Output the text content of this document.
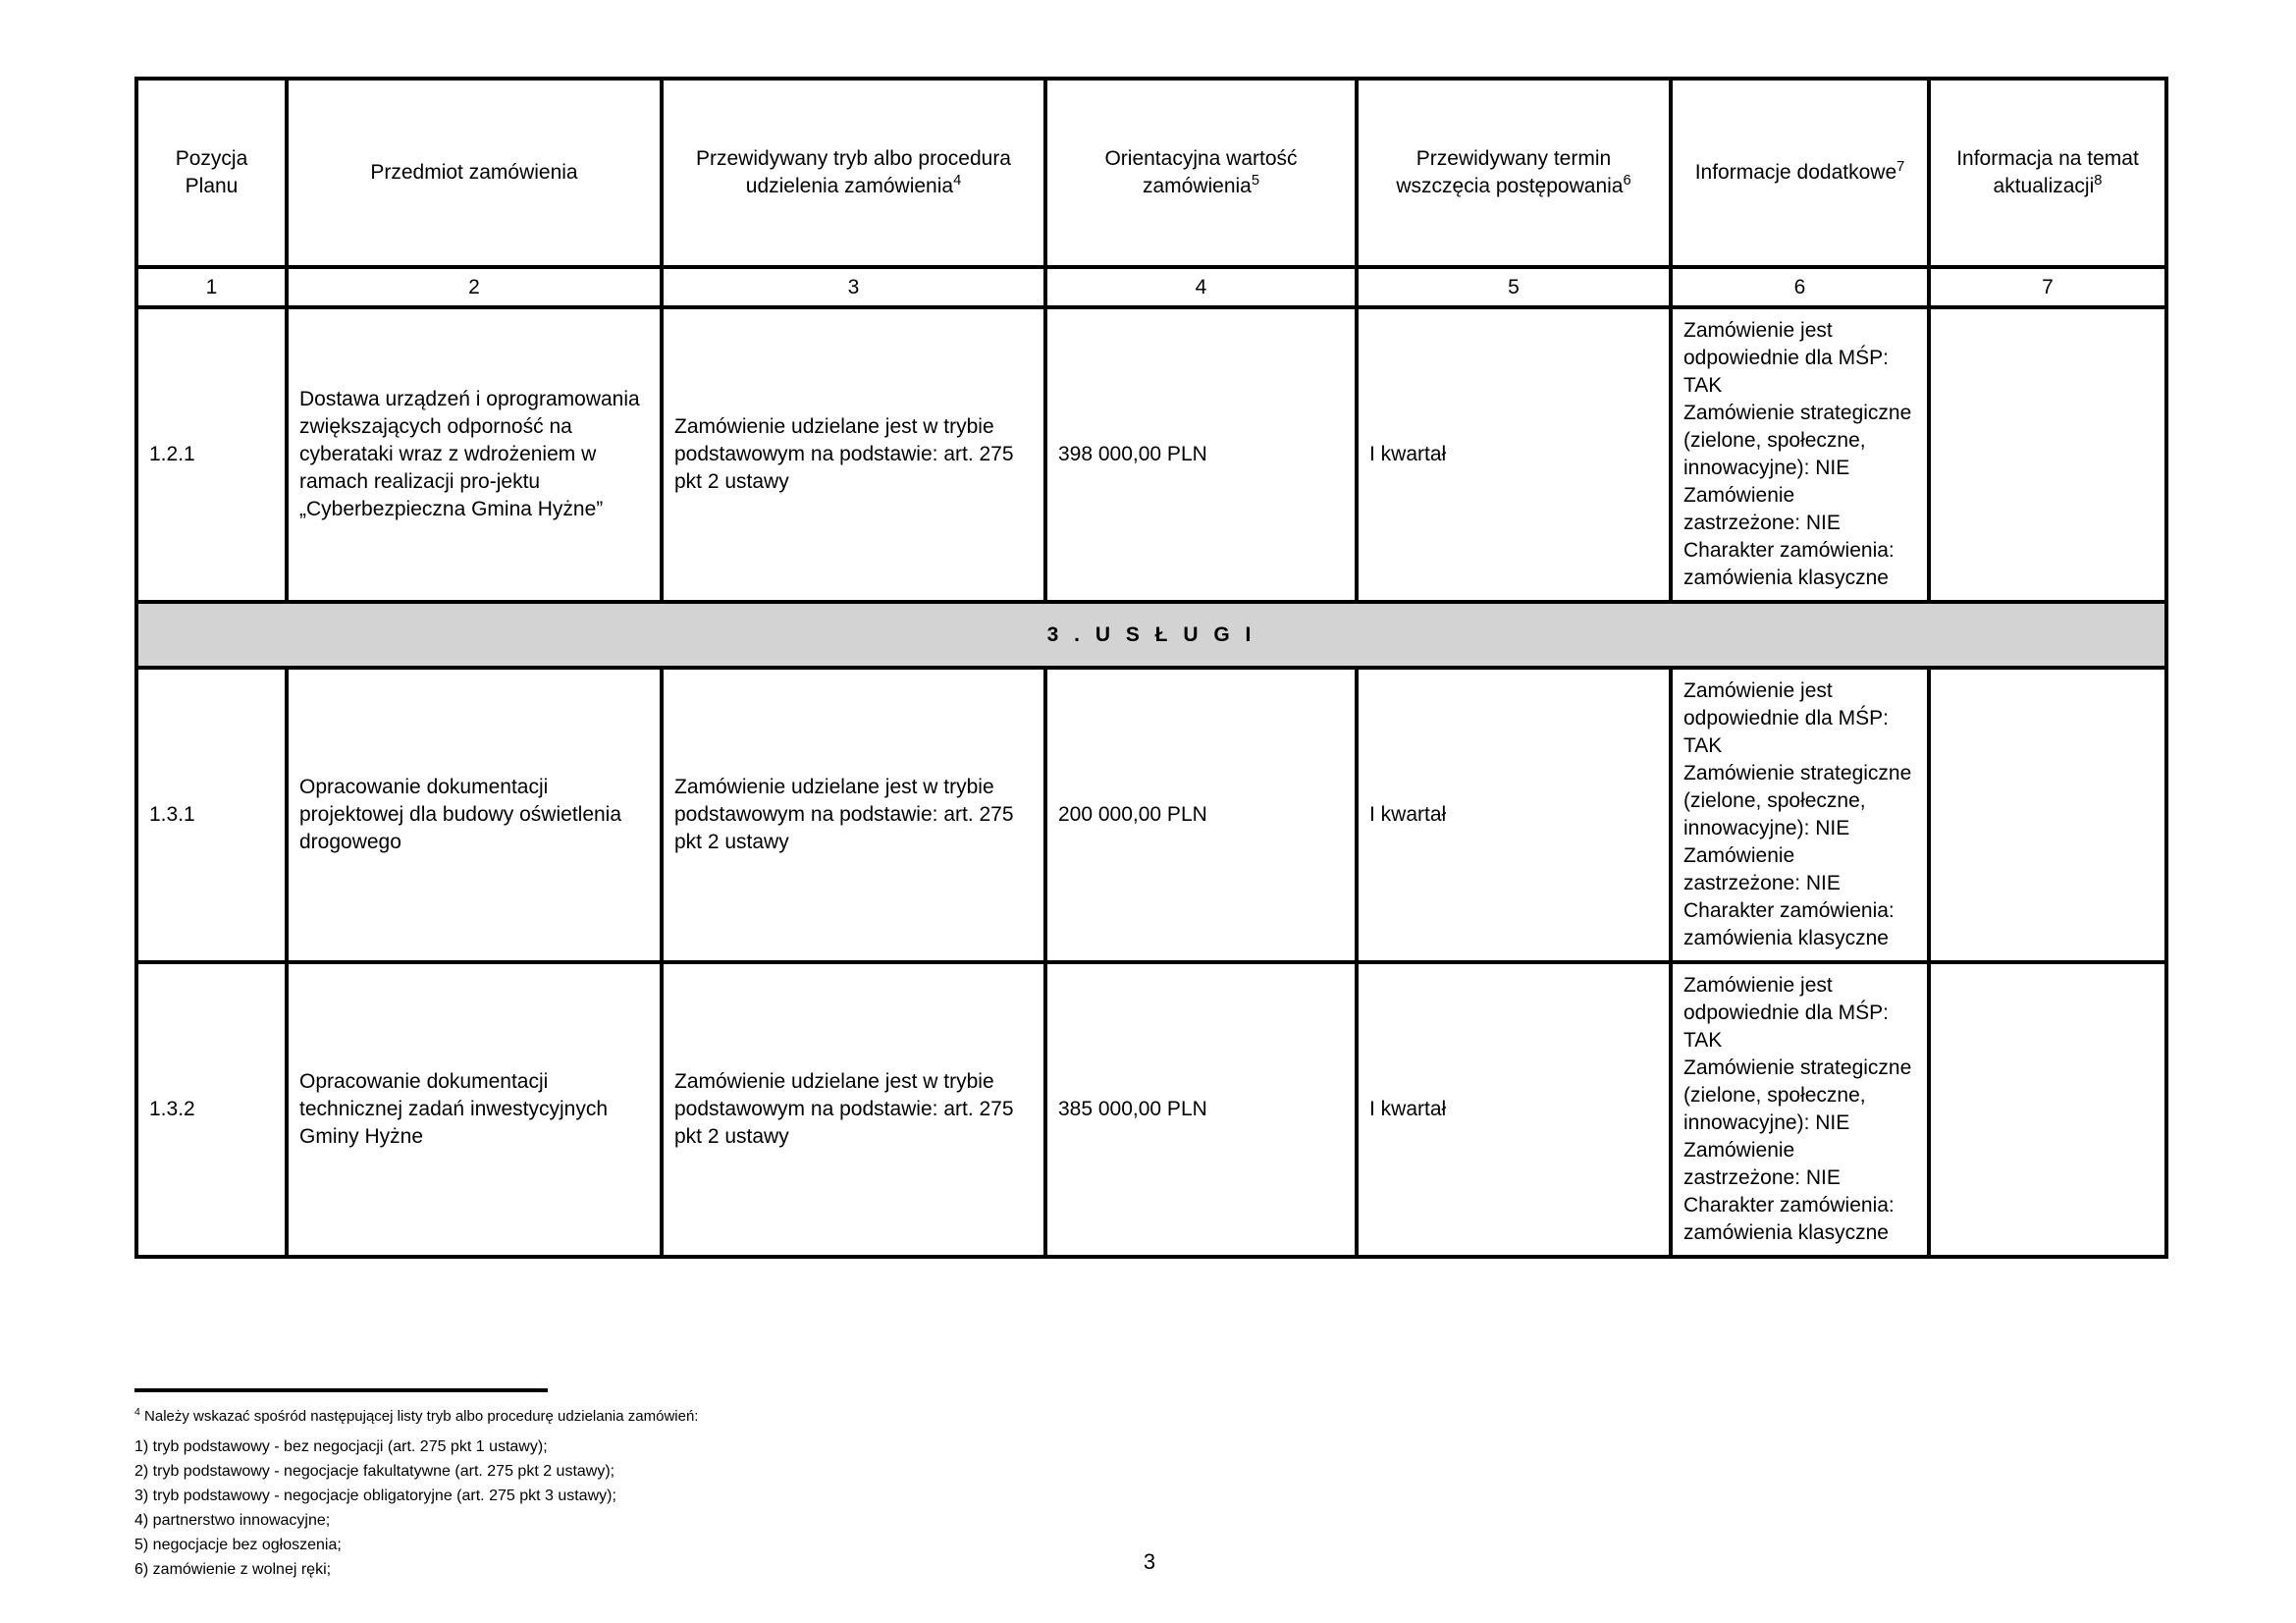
Pozycja Planu	Przedmiot zamówienia	Przewidywany tryb albo procedura udzielenia zamówienia$^4$	Orientacyjna wartość zamówienia$^5$	Przewidywany termin wszczęcia postępowania$^6$	Informacje dodatkowe$^7$	Informacja na temat aktualizacji$^8$
1	2	3	4	5	6	7
1.2.1	Dostawa urządzeń i oprogramowania zwiększających odporność na cyberataki wraz z wdrożeniem w ramach realizacji pro-jektu „Cyberbezpieczna Gmina Hyżne”	Zamówienie udzielane jest w trybie podstawowym na podstawie: art. 275 pkt 2 ustawy	398 000,00 PLN	I kwartał	Zamówienie jest odpowiednie dla MŚP: TAK
Zamówienie strategiczne (zielone, społeczne, innowacyjne): NIE
Zamówienie zastrzeżone: NIE
Charakter zamówienia: zamówienia klasyczne	

3 . U S Ł U G I						
1.3.1	Opracowanie dokumentacji projektowej dla budowy oświetlenia drogowego	Zamówienie udzielane jest w trybie podstawowym na podstawie: art. 275 pkt 2 ustawy	200 000,00 PLN	I kwartał	Zamówienie jest odpowiednie dla MŚP: TAK
Zamówienie strategiczne (zielone, społeczne, innowacyjne): NIE
Zamówienie zastrzeżone: NIE
Charakter zamówienia: zamówienia klasyczne	

1.3.2	Opracowanie dokumentacji technicznej zadań inwestycyjnych Gminy Hyżne	Zamówienie udzielane jest w trybie podstawowym na podstawie: art. 275 pkt 2 ustawy	385 000,00 PLN	I kwartał	Zamówienie jest odpowiednie dla MŚP: TAK
Zamówienie strategiczne (zielone, społeczne, innowacyjne): NIE
Zamówienie zastrzeżone: NIE
Charakter zamówienia: zamówienia klasyczne	

$^4$ Należy wskazać spośród następującej listy tryb albo procedurę udzielania zamówień:
1) tryb podstawowy - bez negocjacji (art. 275 pkt 1 ustawy);
2) tryb podstawowy - negocjacje fakultatywne (art. 275 pkt 2 ustawy);
3) tryb podstawowy - negocjacje obligatoryjne (art. 275 pkt 3 ustawy);
4) partnerstwo innowacyjne;
5) negocjacje bez ogłoszenia;
6) zamówienie z wolnej ręki;	3
